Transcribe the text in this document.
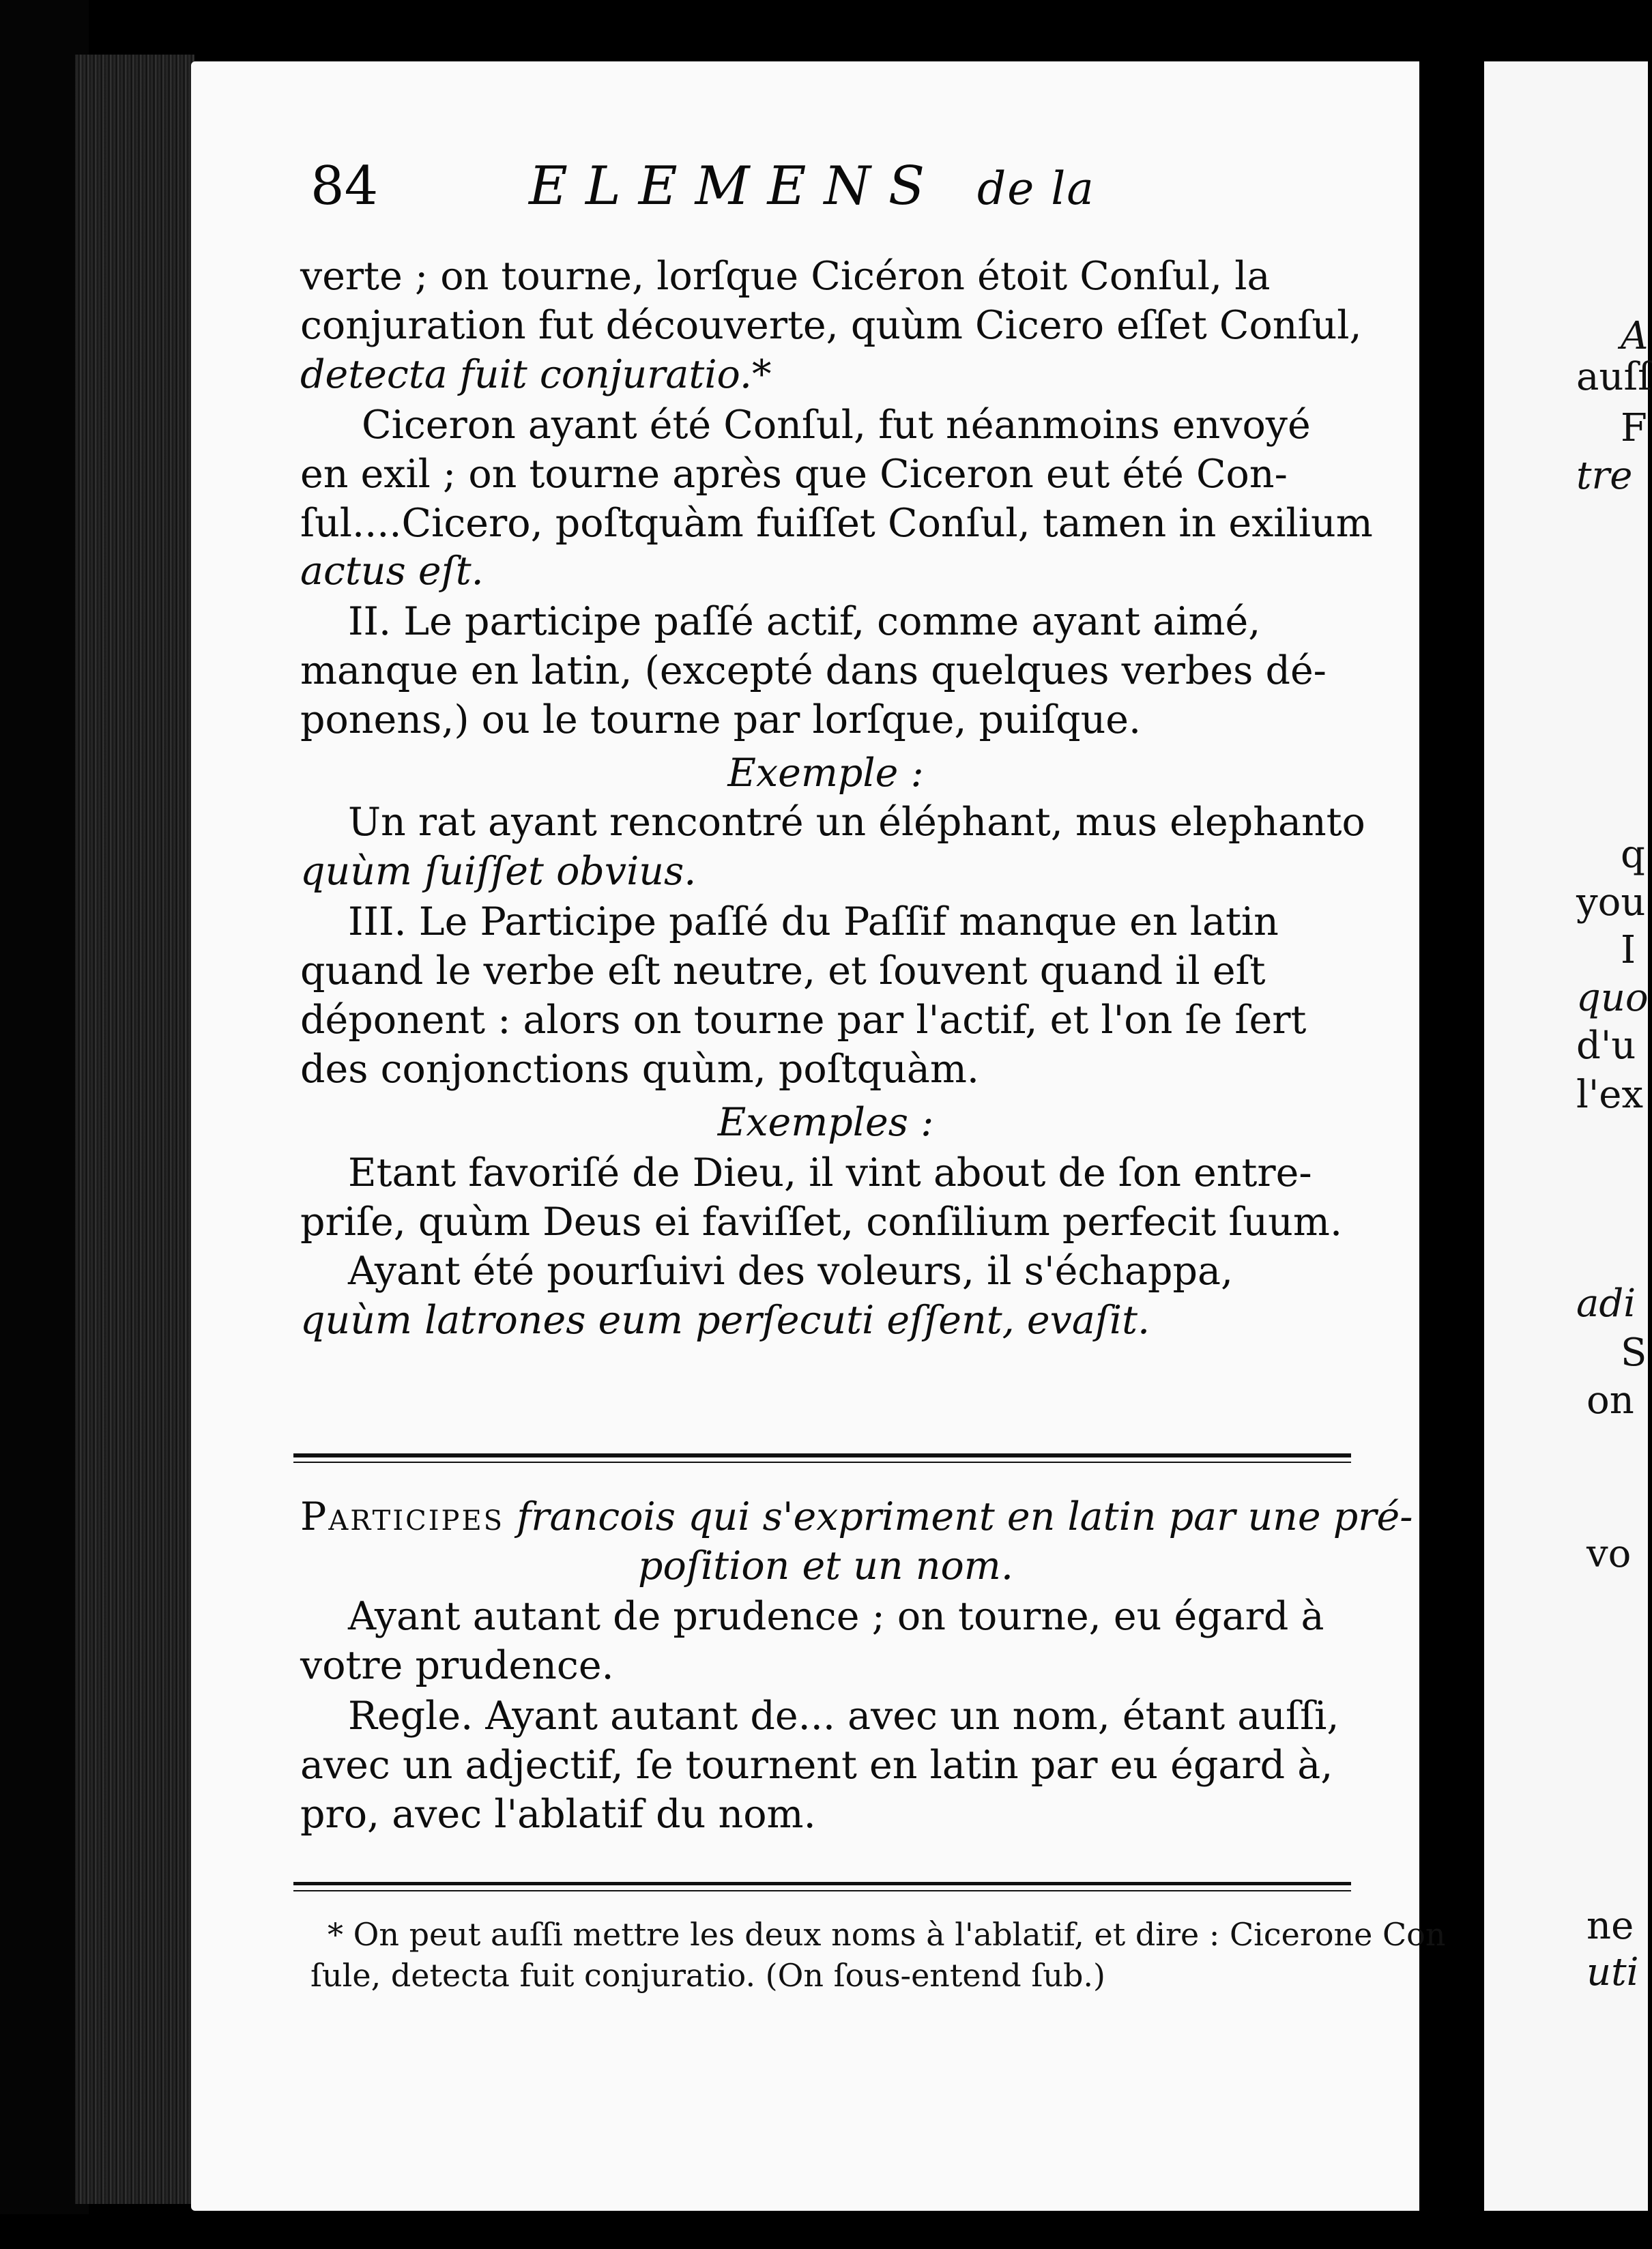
84	ELEMENS de la
verte ; on tourne, lorſque Cicéron étoit Conſul, la
conjuration fut découverte, quùm Cicero eſſet Conſul,
detecta fuit conjuratio.*
Ciceron ayant été Conſul, fut néanmoins envoyé
en exil ; on tourne après que Ciceron eut été Con-
ſul....Cicero, poſtquàm fuiſſet Conſul, tamen in exilium
actus eſt.
II. Le participe paſſé actif, comme ayant aimé,
manque en latin, (excepté dans quelques verbes dé-
ponens,) ou le tourne par lorſque, puiſque.
Exemple :
Un rat ayant rencontré un éléphant, mus elephanto
quùm ſuiſſet obvius.
III. Le Participe paſſé du Paſſif manque en latin
quand le verbe eſt neutre, et ſouvent quand il eſt
déponent : alors on tourne par l'actif, et l'on ſe ſert
des conjonctions quùm, poſtquàm.
Exemples :
Etant favoriſé de Dieu, il vint about de ſon entre-
priſe, quùm Deus ei faviſſet, conſilium perfecit ſuum.
Ayant été pourſuivi des voleurs, il s'échappa,
quùm latrones eum perſecuti eſſent, evaſit.
Participes francois qui s'expriment en latin par une pré-
poſition et un nom.
Ayant autant de prudence ; on tourne, eu égard à
votre prudence.
Regle. Ayant autant de... avec un nom, étant auſſi,
avec un adjectif, ſe tournent en latin par eu égard à,
pro, avec l'ablatif du nom.
* On peut auſſi mettre les deux noms à l'ablatif, et dire : Cicerone Con
ſule, detecta fuit conjuratio. (On ſous-entend ſub.)
A
auſſ
F
tre
q
you
I
quo
d'u
l'ex
adi
S
on
vo
ne
uti
